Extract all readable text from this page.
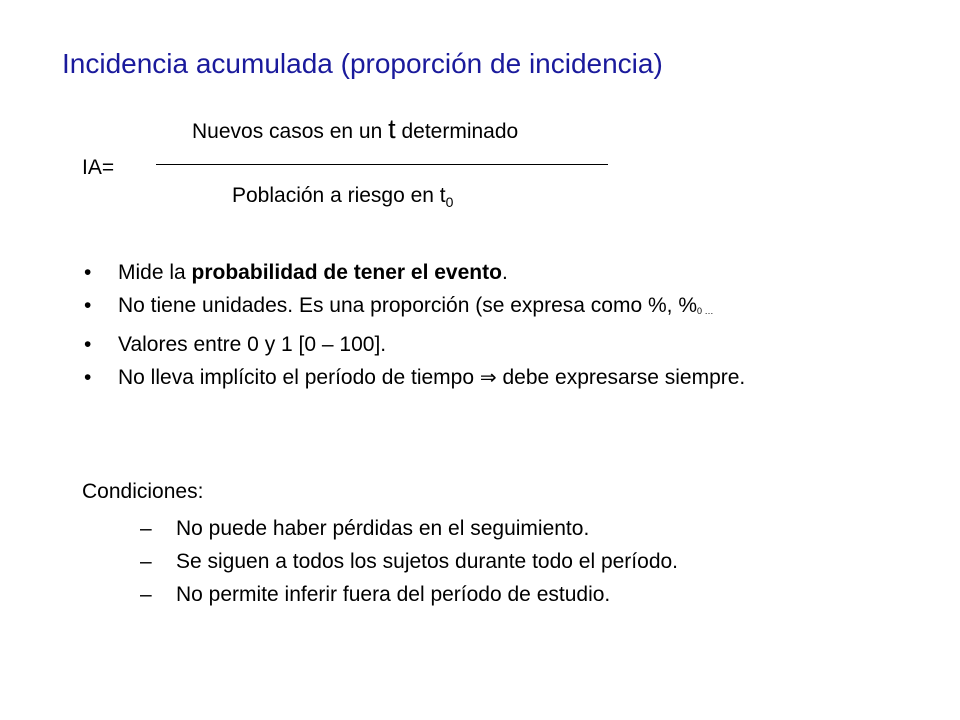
Incidencia acumulada (proporción de incidencia)
Nuevos casos en un t determinado
IA=
Población a riesgo en $t_0$
• Mide la probabilidad de tener el evento.
• No tiene unidades. Es una proporción (se expresa como %, %0 …
• Valores entre 0 y 1 [0 – 100].
• No lleva implícito el período de tiempo ⇒ debe expresarse siempre.
Condiciones:
– No puede haber pérdidas en el seguimiento.
– Se siguen a todos los sujetos durante todo el período.
– No permite inferir fuera del período de estudio.
